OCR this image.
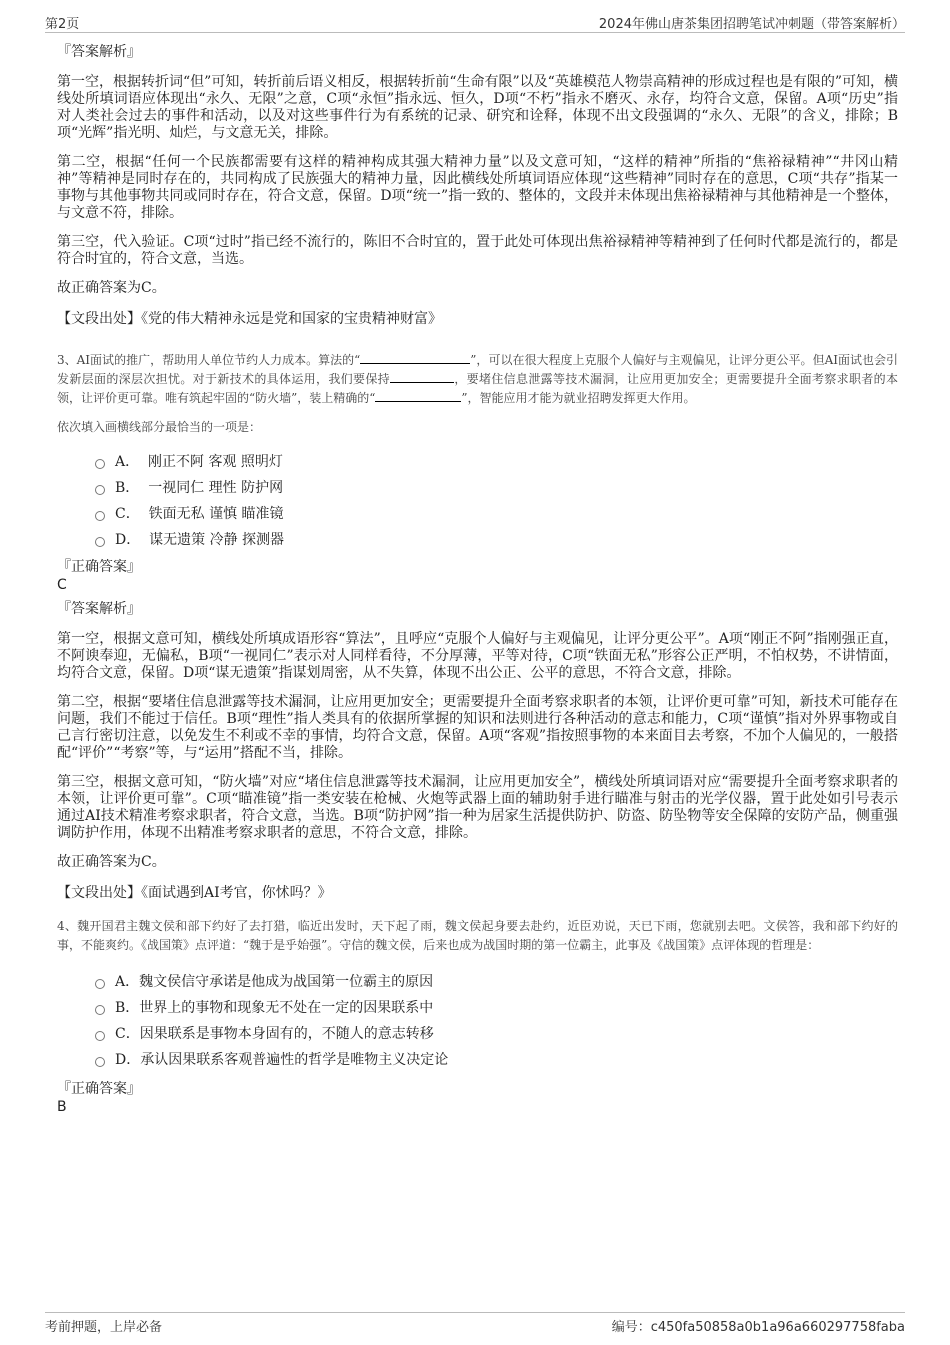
第2页	2024年佛山唐茶集团招聘笔试冲刺题（带答案解析）
『答案解析』

第一空，根据转折词“但”可知，转折前后语义相反，根据转折前“生命有限”以及“英雄模范人物崇高精神的形成过程也是有限的”可知，横线处所填词语应体现出“永久、无限”之意，C项“永恒”指永远、恒久，D项“不朽”指永不磨灭、永存，均符合文意，保留。A项“历史”指对人类社会过去的事件和活动，以及对这些事件行为有系统的记录、研究和诠释，体现不出文段强调的“永久、无限”的含义，排除；B项“光辉”指光明、灿烂，与文意无关，排除。

第二空，根据“任何一个民族都需要有这样的精神构成其强大精神力量”以及文意可知，“这样的精神”所指的“焦裕禄精神”“井冈山精神”等精神是同时存在的，共同构成了民族强大的精神力量，因此横线处所填词语应体现“这些精神”同时存在的意思，C项“共存”指某一事物与其他事物共同或同时存在，符合文意，保留。D项“统一”指一致的、整体的，文段并未体现出焦裕禄精神与其他精神是一个整体，与文意不符，排除。

第三空，代入验证。C项“过时”指已经不流行的，陈旧不合时宜的，置于此处可体现出焦裕禄精神等精神到了任何时代都是流行的，都是符合时宜的，符合文意，当选。

故正确答案为C。

【文段出处】《党的伟大精神永远是党和国家的宝贵精神财富》

3、AI面试的推广，帮助用人单位节约人力成本。算法的“	”，可以在很大程度上克服个人偏好与主观偏见，让评分更公平。但AI面试也会引发新层面的深层次担忧。对于新技术的具体运用，我们要保持	，要堵住信息泄露等技术漏洞，让应用更加安全；更需要提升全面考察求职者的本领，让评价更可靠。唯有筑起牢固的“防火墙”，装上精确的“	”，智能应用才能为就业招聘发挥更大作用。

依次填入画横线部分最恰当的一项是：
A．
刚正不阿 客观 照明灯
B．
一视同仁 理性 防护网
C．
铁面无私 谨慎 瞄准镜
D．
谋无遗策 冷静 探测器
『正确答案』
C
『答案解析』

第一空，根据文意可知，横线处所填成语形容“算法”，且呼应“克服个人偏好与主观偏见，让评分更公平”。A项“刚正不阿”指刚强正直，不阿谀奉迎，无偏私，B项“一视同仁”表示对人同样看待，不分厚薄，平等对待，C项“铁面无私”形容公正严明，不怕权势，不讲情面，均符合文意，保留。D项“谋无遗策”指谋划周密，从不失算，体现不出公正、公平的意思，不符合文意，排除。

第二空，根据“要堵住信息泄露等技术漏洞，让应用更加安全；更需要提升全面考察求职者的本领，让评价更可靠”可知，新技术可能存在问题，我们不能过于信任。B项“理性”指人类具有的依据所掌握的知识和法则进行各种活动的意志和能力，C项“谨慎”指对外界事物或自己言行密切注意，以免发生不利或不幸的事情，均符合文意，保留。A项“客观”指按照事物的本来面目去考察，不加个人偏见的，一般搭配“评价”“考察”等，与“运用”搭配不当，排除。

第三空，根据文意可知，“防火墙”对应“堵住信息泄露等技术漏洞，让应用更加安全”，横线处所填词语对应“需要提升全面考察求职者的本领，让评价更可靠”。C项“瞄准镜”指一类安装在枪械、火炮等武器上面的辅助射手进行瞄准与射击的光学仪器，置于此处如引号表示通过AI技术精准考察求职者，符合文意，当选。B项“防护网”指一种为居家生活提供防护、防盗、防坠物等安全保障的安防产品，侧重强调防护作用，体现不出精准考察求职者的意思，不符合文意，排除。

故正确答案为C。

【文段出处】《面试遇到AI考官，你怵吗？》

4、魏开国君主魏文侯和部下约好了去打猎，临近出发时，天下起了雨，魏文侯起身要去赴约，近臣劝说，天已下雨，您就别去吧。文侯答，我和部下约好的事，不能爽约。《战国策》点评道：“魏于是乎始强”。守信的魏文侯，后来也成为战国时期的第一位霸主，此事及《战国策》点评体现的哲理是：

A． 魏文侯信守承诺是他成为战国第一位霸主的原因
B． 世界上的事物和现象无不处在一定的因果联系中
C． 因果联系是事物本身固有的，不随人的意志转移
D． 承认因果联系客观普遍性的哲学是唯物主义决定论
『正确答案』
B
考前押题，上岸必备	编号：c450fa50858a0b1a96a660297758faba
